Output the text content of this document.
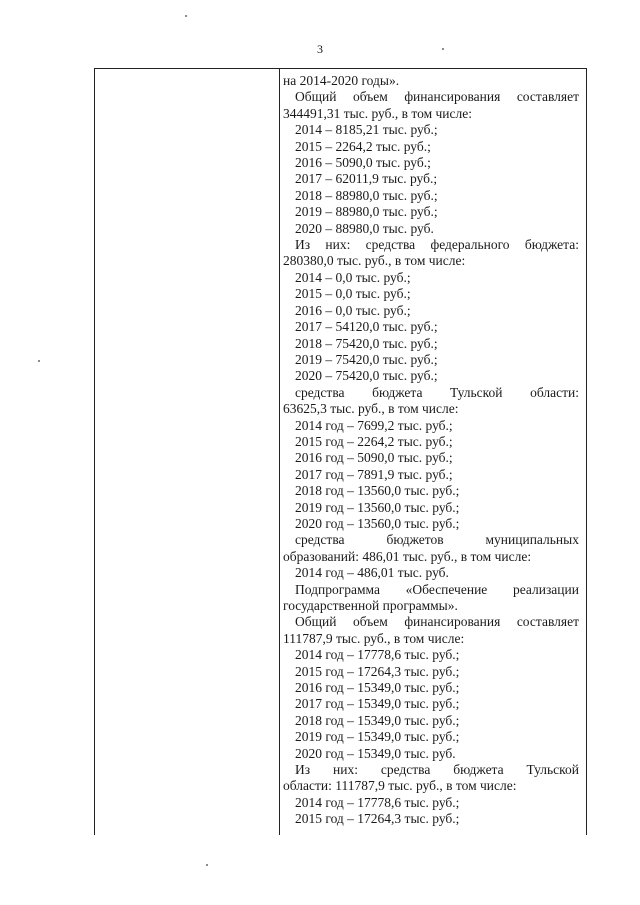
3

на 2014-2020 годы».

Общий объем финансирования составляет

344491,31 тыс. руб., в том числе:

2014 – 8185,21 тыс. руб.;

2015 – 2264,2 тыс. руб.;

2016 – 5090,0 тыс. руб.;

2017 – 62011,9 тыс. руб.;

2018 – 88980,0 тыс. руб.;

2019 – 88980,0 тыс. руб.;

2020 – 88980,0 тыс. руб.

Из них: средства федерального бюджета:

280380,0 тыс. руб., в том числе:

2014 – 0,0 тыс. руб.;

2015 – 0,0 тыс. руб.;

2016 – 0,0 тыс. руб.;

2017 – 54120,0 тыс. руб.;

2018 – 75420,0 тыс. руб.;

2019 – 75420,0 тыс. руб.;

2020 – 75420,0 тыс. руб.;

средства бюджета Тульской области:

63625,3 тыс. руб., в том числе:

2014 год – 7699,2 тыс. руб.;

2015 год – 2264,2 тыс. руб.;

2016 год – 5090,0 тыс. руб.;

2017 год – 7891,9 тыс. руб.;

2018 год – 13560,0 тыс. руб.;

2019 год – 13560,0 тыс. руб.;

2020 год – 13560,0 тыс. руб.;

средства	бюджетов	муниципальных

образований: 486,01 тыс. руб., в том числе:

2014 год – 486,01 тыс. руб.

Подпрограмма «Обеспечение реализации

государственной программы».

Общий объем финансирования составляет

111787,9 тыс. руб., в том числе:

2014 год – 17778,6 тыс. руб.;

2015 год – 17264,3 тыс. руб.;

2016 год – 15349,0 тыс. руб.;

2017 год – 15349,0 тыс. руб.;

2018 год – 15349,0 тыс. руб.;

2019 год – 15349,0 тыс. руб.;

2020 год – 15349,0 тыс. руб.

Из них: средства бюджета Тульской

области: 111787,9 тыс. руб., в том числе:

2014 год – 17778,6 тыс. руб.;

2015 год – 17264,3 тыс. руб.;
